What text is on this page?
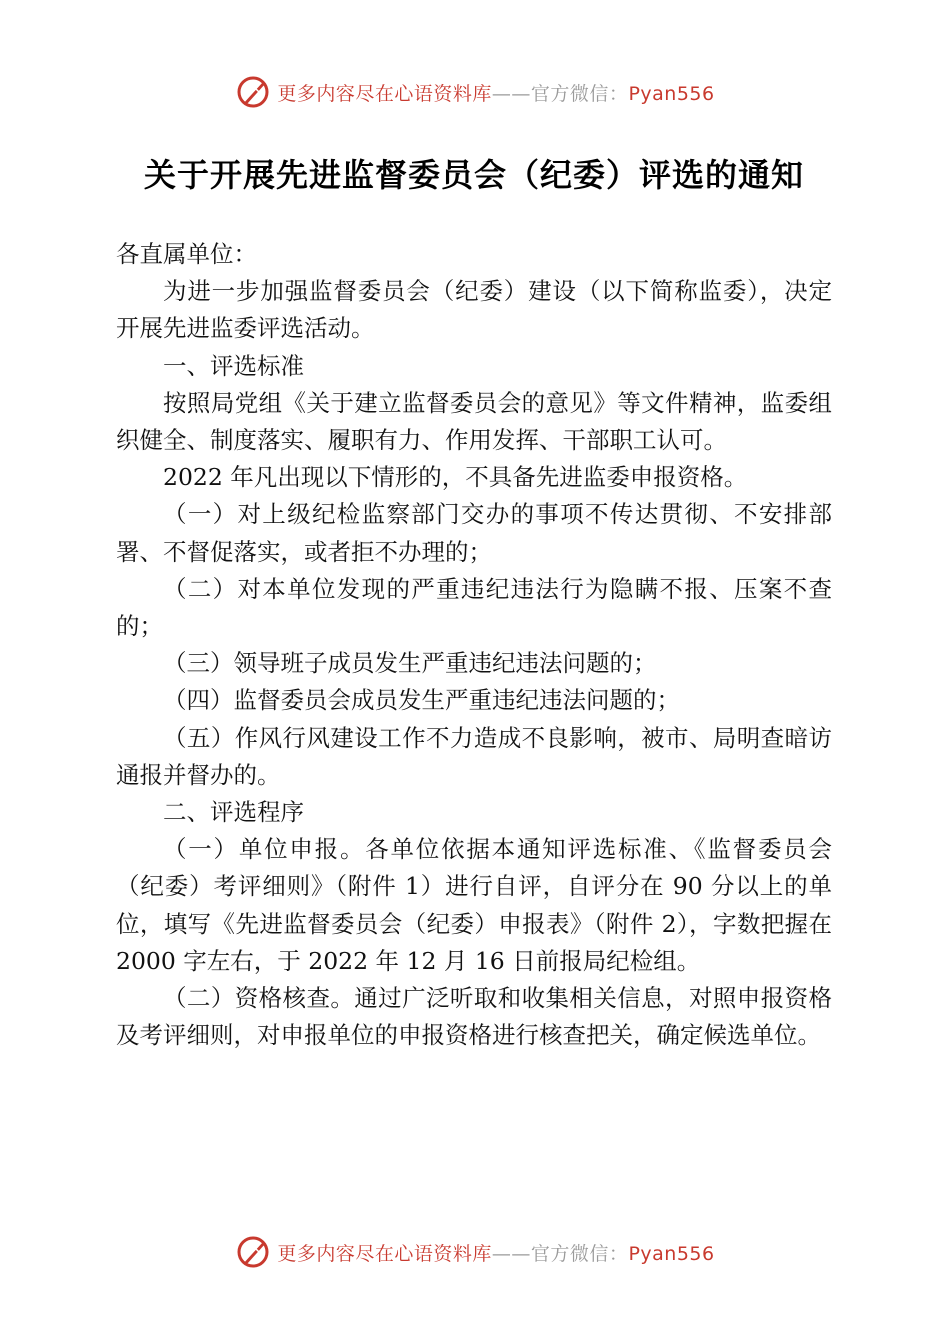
更多内容尽在心语资料库——官方微信：Pyan556
关于开展先进监督委员会（纪委）评选的通知

各直属单位：

为进一步加强监督委员会（纪委）建设（以下简称监委），决定开展先进监委评选活动。

一、评选标准

按照局党组《关于建立监督委员会的意见》等文件精神，监委组织健全、制度落实、履职有力、作用发挥、干部职工认可。

2022 年凡出现以下情形的，不具备先进监委申报资格。

（一）对上级纪检监察部门交办的事项不传达贯彻、不安排部署、不督促落实，或者拒不办理的；

（二）对本单位发现的严重违纪违法行为隐瞒不报、压案不查的；

（三）领导班子成员发生严重违纪违法问题的；

（四）监督委员会成员发生严重违纪违法问题的；

（五）作风行风建设工作不力造成不良影响，被市、局明查暗访通报并督办的。

二、评选程序

（一）单位申报。各单位依据本通知评选标准、《监督委员会（纪委）考评细则》（附件 1）进行自评，自评分在 90 分以上的单位，填写《先进监督委员会（纪委）申报表》（附件 2），字数把握在 2000 字左右，于 2022 年 12 月 16 日前报局纪检组。

（二）资格核查。通过广泛听取和收集相关信息，对照申报资格及考评细则，对申报单位的申报资格进行核查把关，确定候选单位。

更多内容尽在心语资料库——官方微信：Pyan556
